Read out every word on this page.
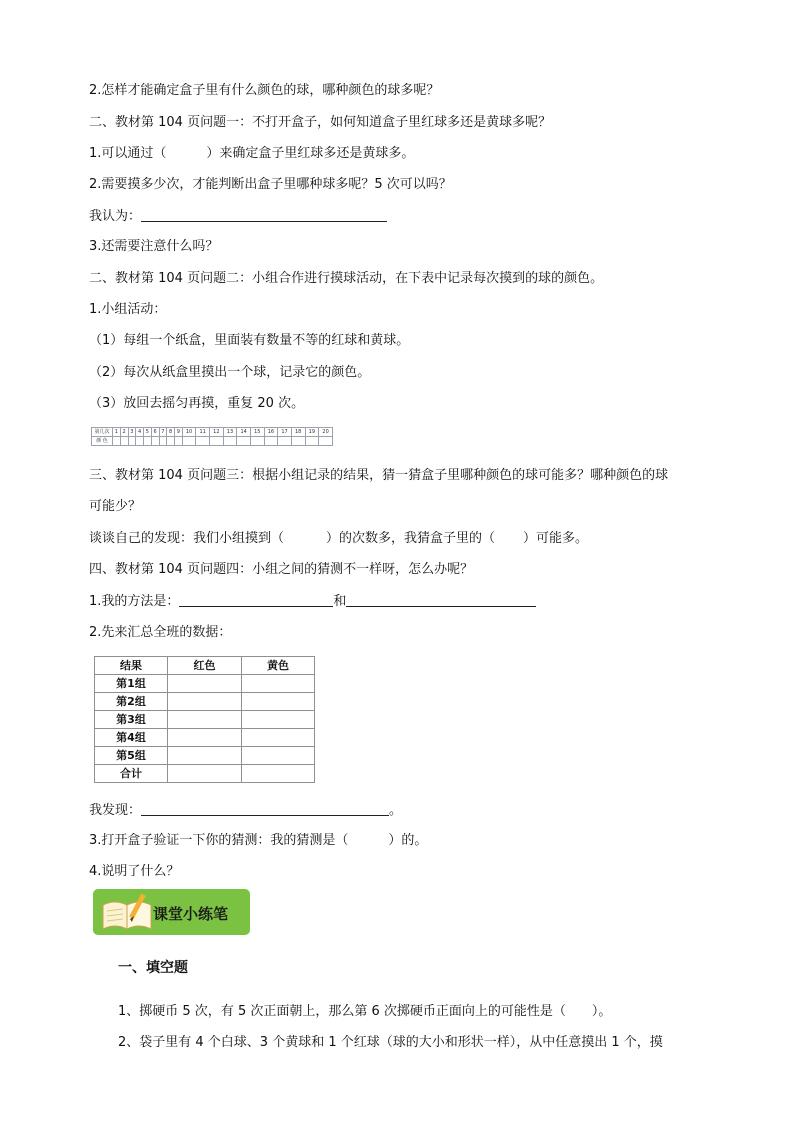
2.怎样才能确定盒子里有什么颜色的球，哪种颜色的球多呢？
二、教材第 104 页问题一：不打开盒子，如何知道盒子里红球多还是黄球多呢？
1.可以通过（	）来确定盒子里红球多还是黄球多。
2.需要摸多少次，才能判断出盒子里哪种球多呢？5 次可以吗？
我认为：
3.还需要注意什么吗？
二、教材第 104 页问题二：小组合作进行摸球活动，在下表中记录每次摸到的球的颜色。
1.小组活动：
（1）每组一个纸盒，里面装有数量不等的红球和黄球。
（2）每次从纸盒里摸出一个球，记录它的颜色。
（3）放回去摇匀再摸，重复 20 次。
第几次	1	2	3	4	5	6	7	8	9	10	11	12	13	14	15	16	17	18	19	20
颜 色																				
三、教材第 104 页问题三：根据小组记录的结果，猜一猜盒子里哪种颜色的球可能多？哪种颜色的球
可能少？
谈谈自己的发现：我们小组摸到（	）的次数多，我猜盒子里的（ ）可能多。
四、教材第 104 页问题四：小组之间的猜测不一样呀，怎么办呢？
1.我的方法是：	和
2.先来汇总全班的数据：
结果	红色	黄色
第1组		
第2组		
第3组		
第4组		
第5组		
合计		
我发现：	。
3.打开盒子验证一下你的猜测：我的猜测是（	）的。
4.说明了什么？
课堂小练笔
一、填空题
1、掷硬币 5 次，有 5 次正面朝上，那么第 6 次掷硬币正面向上的可能性是（　　）。
2、袋子里有 4 个白球、3 个黄球和 1 个红球（球的大小和形状一样），从中任意摸出 1 个，摸
